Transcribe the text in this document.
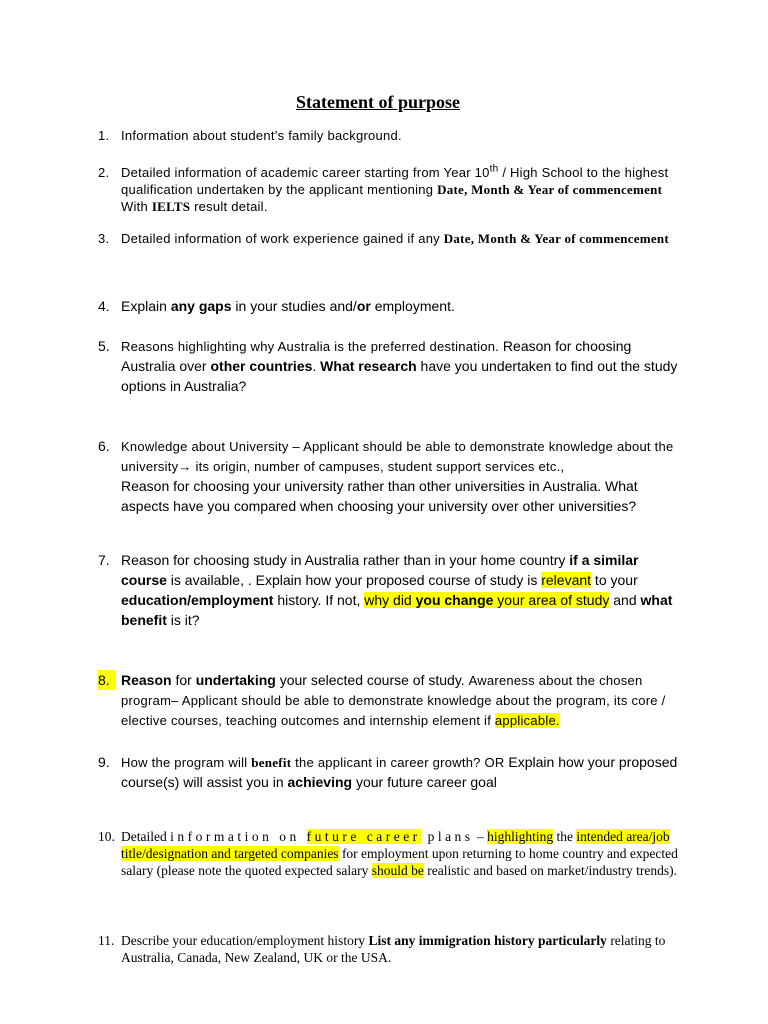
Statement of purpose
1. Information about student’s family background.
2. Detailed information of academic career starting from Year 10th / High School to the highest qualification undertaken by the applicant mentioning Date, Month & Year of commencement With IELTS result detail.
3. Detailed information of work experience gained if any Date, Month & Year of commencement
4. Explain any gaps in your studies and/or employment.
5. Reasons highlighting why Australia is the preferred destination. Reason for choosing Australia over other countries. What research have you undertaken to find out the study options in Australia?
6. Knowledge about University – Applicant should be able to demonstrate knowledge about the university→ its origin, number of campuses, student support services etc.,
Reason for choosing your university rather than other universities in Australia. What aspects have you compared when choosing your university over other universities?
7. Reason for choosing study in Australia rather than in your home country if a similar course is available, . Explain how your proposed course of study is relevant to your education/employment history. If not, why did you change your area of study and what benefit is it?
8. Reason for undertaking your selected course of study. Awareness about the chosen program– Applicant should be able to demonstrate knowledge about the program, its core / elective courses, teaching outcomes and internship element if applicable.
9. How the program will benefit the applicant in career growth? OR Explain how your proposed course(s) will assist you in achieving your future career goal
10. Detailed information on future career plans – highlighting the intended area/job title/designation and targeted companies for employment upon returning to home country and expected salary (please note the quoted expected salary should be realistic and based on market/industry trends).
11. Describe your education/employment history List any immigration history particularly relating to Australia, Canada, New Zealand, UK or the USA.
